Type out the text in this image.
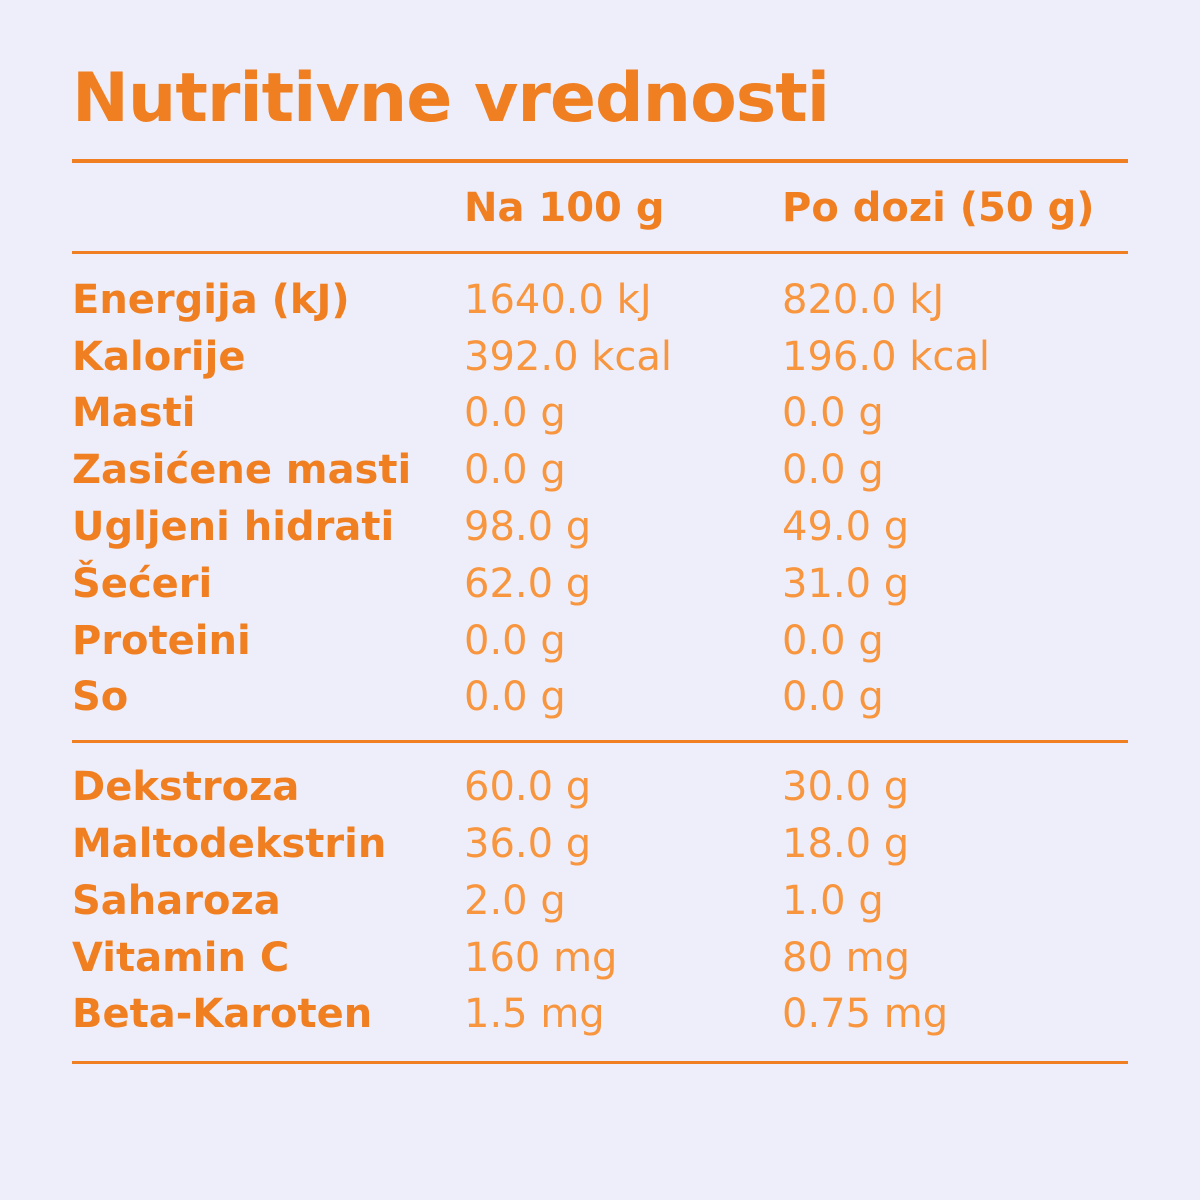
Nutritivne vrednosti
	Na 100 g	Po dozi (50 g)
Energija (kJ)	1640.0 kJ	820.0 kJ
Kalorije	392.0 kcal	196.0 kcal
Masti	0.0 g	0.0 g
Zasićene masti	0.0 g	0.0 g
Ugljeni hidrati	98.0 g	49.0 g
Šećeri	62.0 g	31.0 g
Proteini	0.0 g	0.0 g
So	0.0 g	0.0 g
Dekstroza	60.0 g	30.0 g
Maltodekstrin	36.0 g	18.0 g
Saharoza	2.0 g	1.0 g
Vitamin C	160 mg	80 mg
Beta-Karoten	1.5 mg	0.75 mg
